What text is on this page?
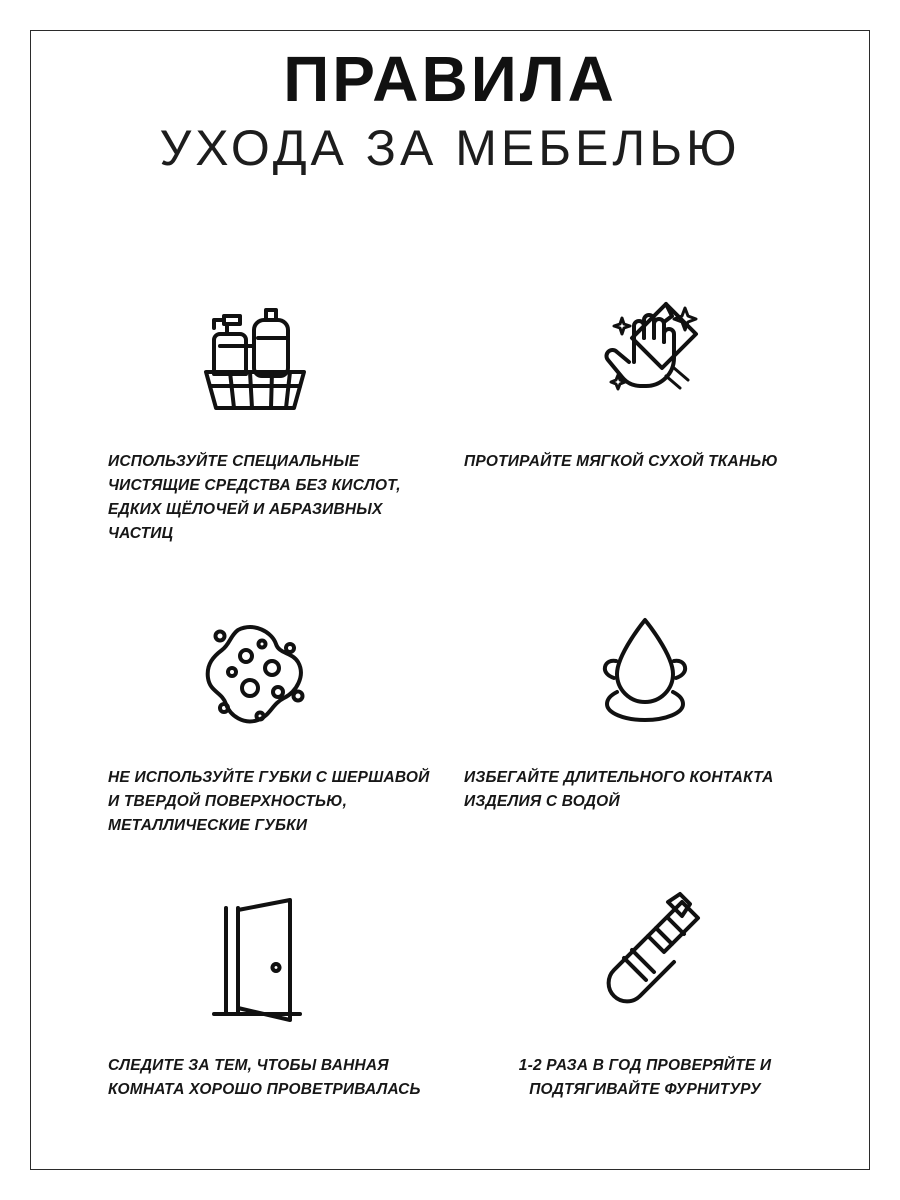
ПРАВИЛА
УХОДА ЗА МЕБЕЛЬЮ

ИСПОЛЬЗУЙТЕ СПЕЦИАЛЬНЫЕ ЧИСТЯЩИЕ СРЕДСТВА БЕЗ КИСЛОТ, ЕДКИХ ЩЁЛОЧЕЙ И АБРАЗИВНЫХ ЧАСТИЦ

ПРОТИРАЙТЕ МЯГКОЙ СУХОЙ ТКАНЬЮ

НЕ ИСПОЛЬЗУЙТЕ ГУБКИ С ШЕРШАВОЙ И ТВЕРДОЙ ПОВЕРХНОСТЬЮ, МЕТАЛЛИЧЕСКИЕ ГУБКИ

ИЗБЕГАЙТЕ ДЛИТЕЛЬНОГО КОНТАКТА ИЗДЕЛИЯ С ВОДОЙ

СЛЕДИТЕ ЗА ТЕМ, ЧТОБЫ ВАННАЯ КОМНАТА ХОРОШО ПРОВЕТРИВАЛАСЬ

1-2 РАЗА В ГОД ПРОВЕРЯЙТЕ И ПОДТЯГИВАЙТЕ ФУРНИТУРУ
